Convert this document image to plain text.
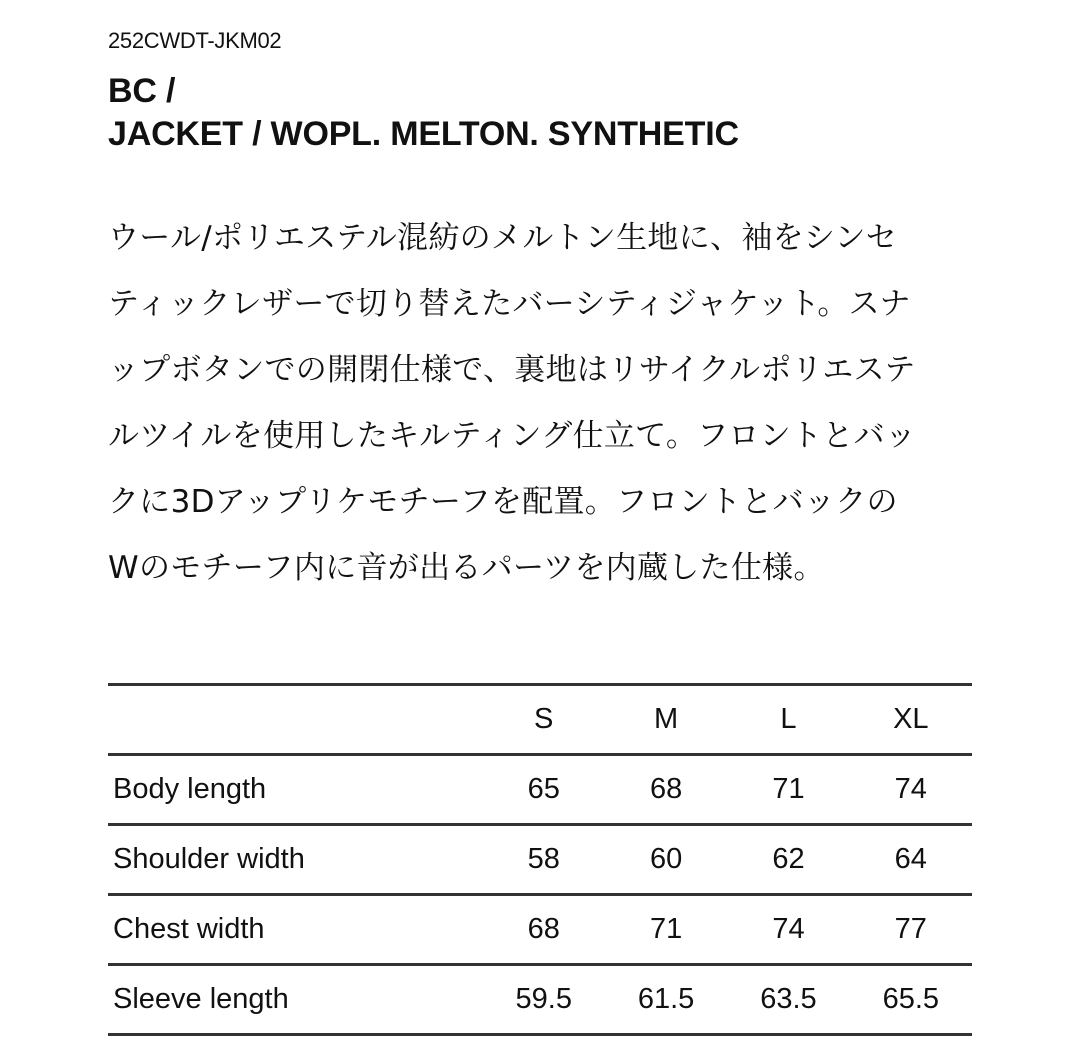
252CWDT-JKM02
BC /
JACKET / WOPL. MELTON. SYNTHETIC
ウール/ポリエステル混紡のメルトン生地に、袖をシンセ
ティックレザーで切り替えたバーシティジャケット。スナ
ップボタンでの開閉仕様で、裏地はリサイクルポリエステ
ルツイルを使用したキルティング仕立て。フロントとバッ
クに3Dアップリケモチーフを配置。フロントとバックの
Wのモチーフ内に音が出るパーツを内蔵した仕様。
	S	M	L	XL
Body length	65	68	71	74
Shoulder width	58	60	62	64
Chest width	68	71	74	77
Sleeve length	59.5	61.5	63.5	65.5
